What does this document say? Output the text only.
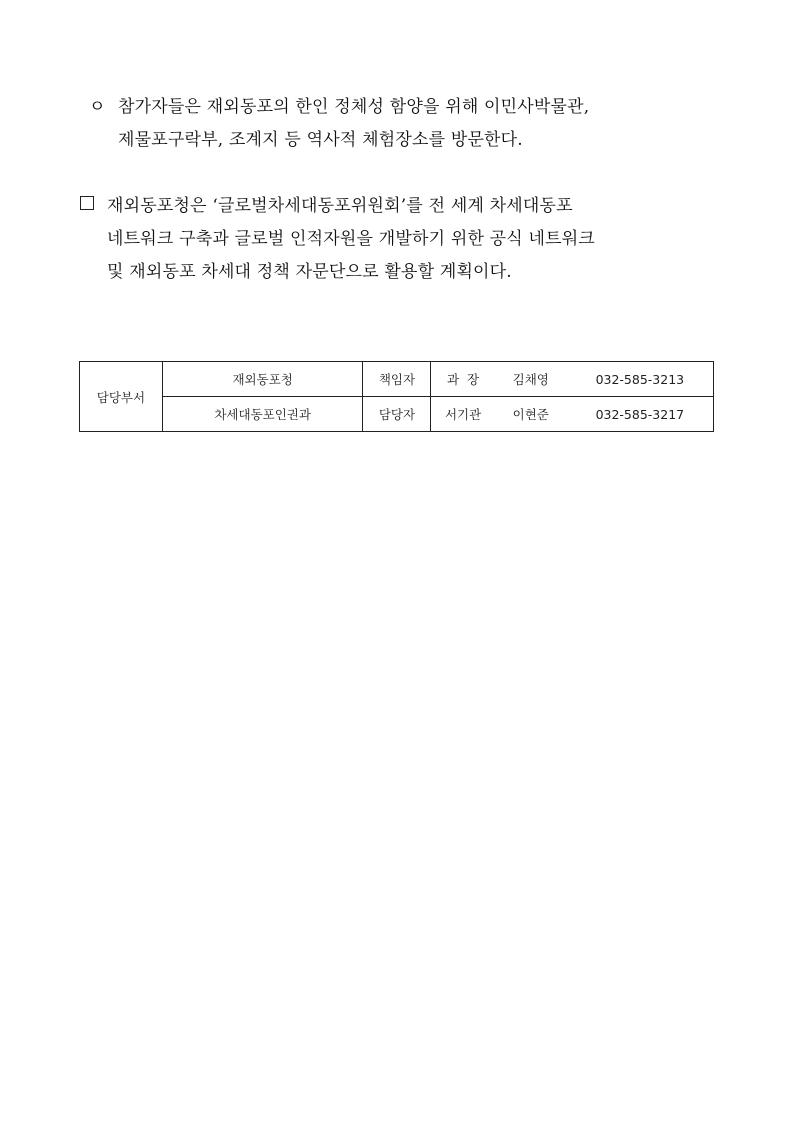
ㅇ 참가자들은 재외동포의 한인 정체성 함양을 위해 이민사박물관,
제물포구락부, 조계지 등 역사적 체험장소를 방문한다.
재외동포청은 ‘글로벌차세대동포위원회’를 전 세계 차세대동포
네트워크 구축과 글로벌 인적자원을 개발하기 위한 공식 네트워크
및 재외동포 차세대 정책 자문단으로 활용할 계획이다.
담당부서	재외동포청	책임자	과  장	김채영	032-585-3213
	차세대동포인권과	담당자	서기관	이현준	032-585-3217
